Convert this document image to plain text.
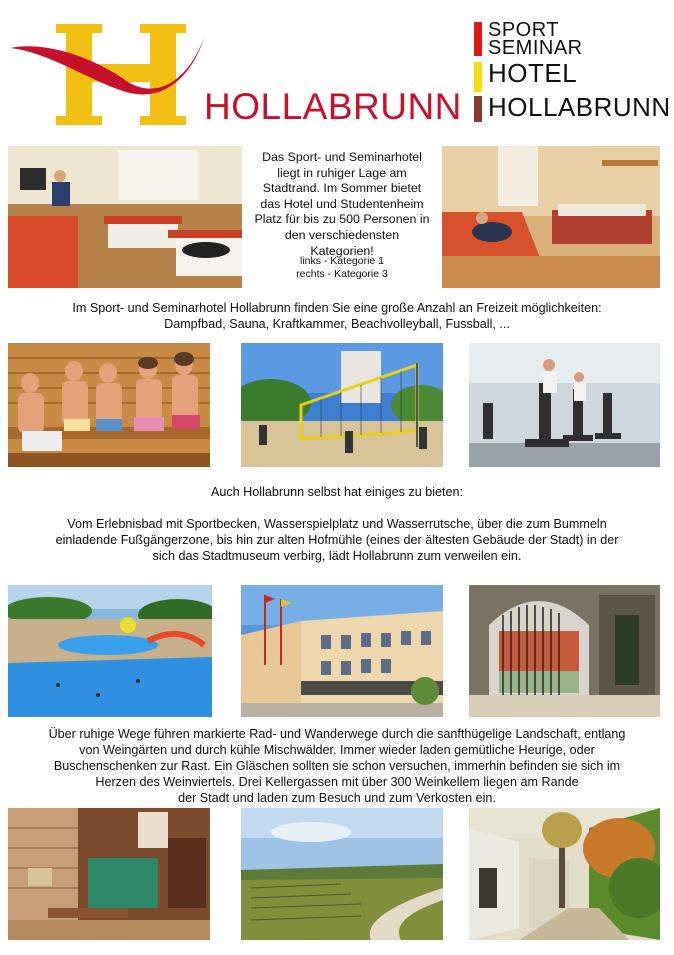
HOLLABRUNN
SPORT
SEMINAR
HOTEL
HOLLABRUNN
Das Sport- und Seminarhotel liegt in ruhiger Lage am Stadtrand. Im Sommer bietet das Hotel und Studentenheim Platz für bis zu 500 Personen in den verschiedensten Kategorien!
links - Kategorie 1
rechts - Kategorie 3
Im Sport- und Seminarhotel Hollabrunn finden Sie eine große Anzahl an Freizeit möglichkeiten:
Dampfbad, Sauna, Kraftkammer, Beachvolleyball, Fussball, ...
Auch Hollabrunn selbst hat einiges zu bieten:
Vom Erlebnisbad mit Sportbecken, Wasserspielplatz und Wasserrutsche, über die zum Bummeln
einladende Fußgängerzone, bis hin zur alten Hofmühle (eines der ältesten Gebäude der Stadt) in der
sich das Stadtmuseum verbirg, lädt Hollabrunn zum verweilen ein.
Über ruhige Wege führen markierte Rad- und Wanderwege durch die sanfthügelige Landschaft, entlang
von Weingärten und durch kühle Mischwälder. Immer wieder laden gemütliche Heurige, oder
Buschenschenken zur Rast. Ein Gläschen sollten sie schon versuchen, immerhin befinden sie sich im
Herzen des Weinviertels. Drei Kellergassen mit über 300 Weinkellem liegen am Rande
der Stadt und laden zum Besuch und zum Verkosten ein.
